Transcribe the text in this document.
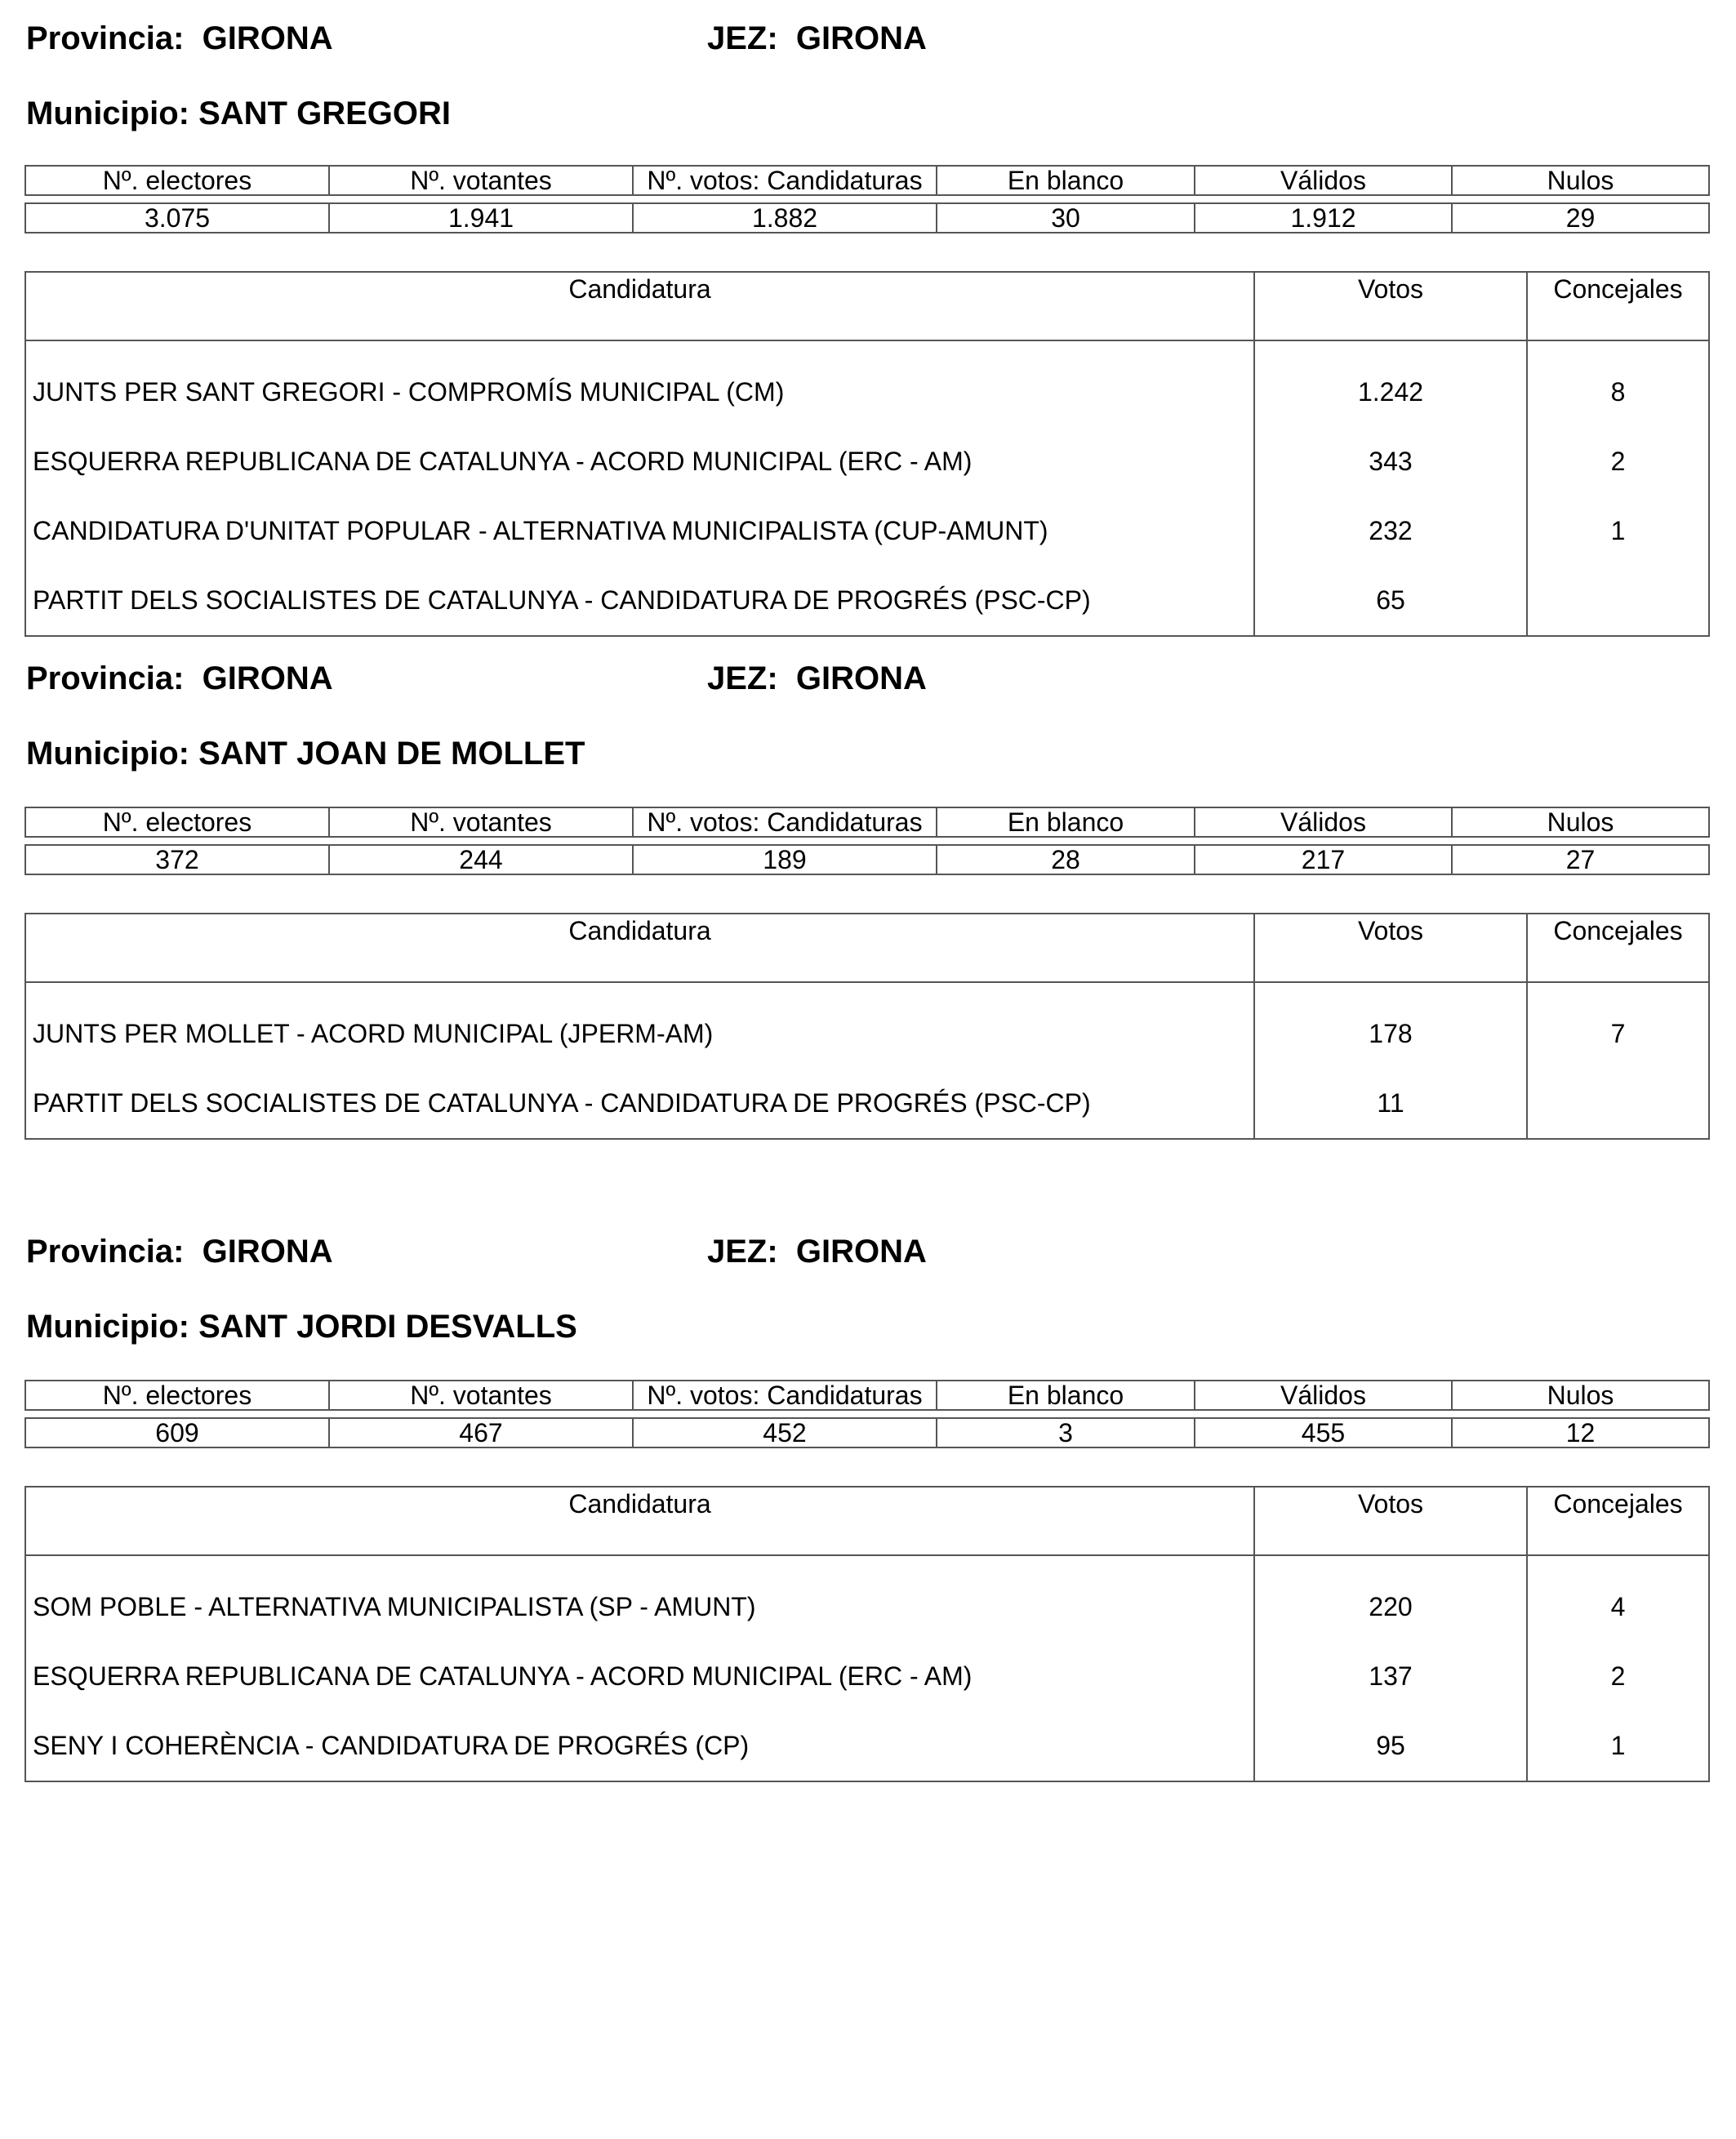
Provincia: GIRONA	JEZ: GIRONA
Municipio: SANT GREGORI
Nº. electores	Nº. votantes	Nº. votos: Candidaturas	En blanco	Válidos	Nulos

3.075	1.941	1.882	30	1.912	29
Candidatura	Votos	Concejales
JUNTS PER SANT GREGORI - COMPROMÍS MUNICIPAL (CM)	1.242	8
ESQUERRA REPUBLICANA DE CATALUNYA - ACORD MUNICIPAL (ERC - AM)	343	2
CANDIDATURA D'UNITAT POPULAR - ALTERNATIVA MUNICIPALISTA (CUP-AMUNT)	232	1
PARTIT DELS SOCIALISTES DE CATALUNYA - CANDIDATURA DE PROGRÉS (PSC-CP)	65	
Provincia: GIRONA	JEZ: GIRONA
Municipio: SANT JOAN DE MOLLET
Nº. electores	Nº. votantes	Nº. votos: Candidaturas	En blanco	Válidos	Nulos

372	244	189	28	217	27
Candidatura	Votos	Concejales
JUNTS PER MOLLET - ACORD MUNICIPAL (JPERM-AM)	178	7
PARTIT DELS SOCIALISTES DE CATALUNYA - CANDIDATURA DE PROGRÉS (PSC-CP)	11	
Provincia: GIRONA	JEZ: GIRONA
Municipio: SANT JORDI DESVALLS
Nº. electores	Nº. votantes	Nº. votos: Candidaturas	En blanco	Válidos	Nulos

609	467	452	3	455	12
Candidatura	Votos	Concejales
SOM POBLE - ALTERNATIVA MUNICIPALISTA (SP - AMUNT)	220	4
ESQUERRA REPUBLICANA DE CATALUNYA - ACORD MUNICIPAL (ERC - AM)	137	2
SENY I COHERÈNCIA - CANDIDATURA DE PROGRÉS (CP)	95	1
